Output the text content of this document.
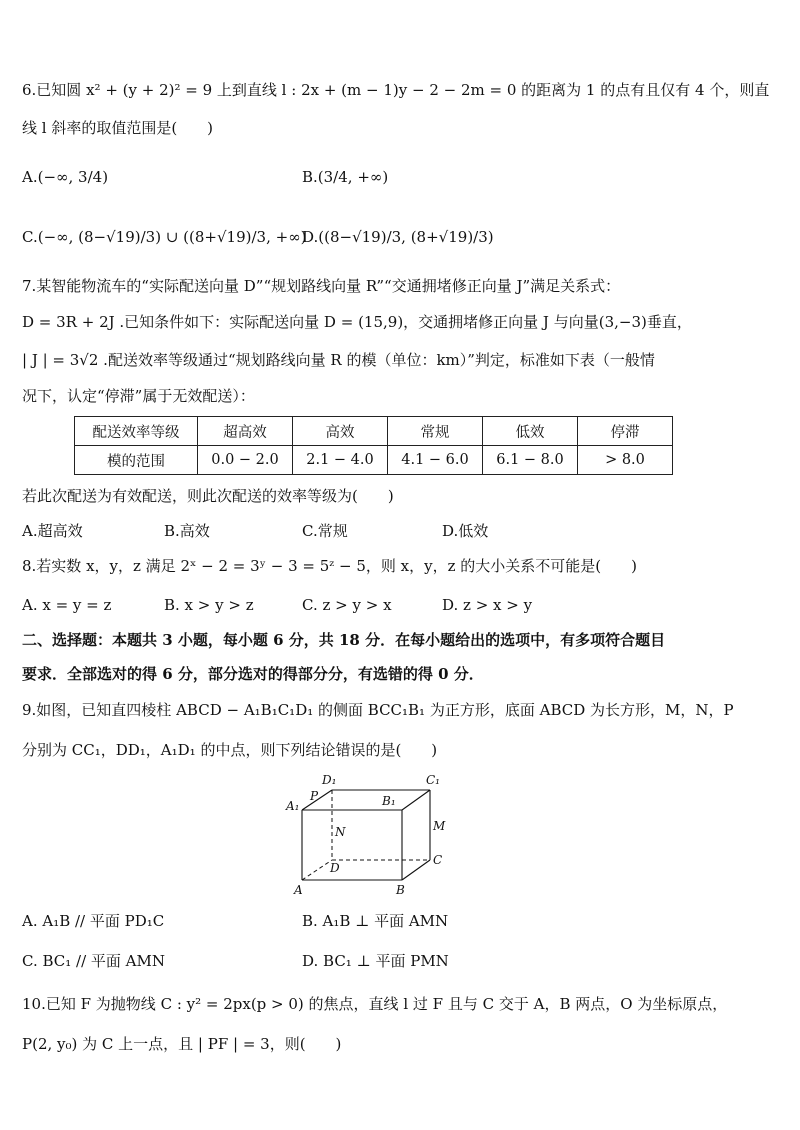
6.已知圆 x² + (y + 2)² = 9 上到直线 l : 2x + (m − 1)y − 2 − 2m = 0 的距离为 1 的点有且仅有 4 个，则直
线 l 斜率的取值范围是(　　)
A.(−∞, 3/4)	B.(3/4, +∞)
C.(−∞, (8−√19)/3) ∪ ((8+√19)/3, +∞)
D.((8−√19)/3, (8+√19)/3)
7.某智能物流车的“实际配送向量 D”“规划路线向量 R”“交通拥堵修正向量 J”满足关系式：
D = 3R + 2J .已知条件如下：实际配送向量 D = (15,9)，交通拥堵修正向量 J 与向量(3,−3)垂直，
| J | = 3√2 .配送效率等级通过“规划路线向量 R 的模（单位：km）”判定，标准如下表（一般情
况下，认定“停滞”属于无效配送）：
配送效率等级	超高效	高效	常规	低效	停滞
模的范围	0.0 − 2.0	2.1 − 4.0	4.1 − 6.0	6.1 − 8.0	> 8.0
若此次配送为有效配送，则此次配送的效率等级为(　　)
A.超高效	B.高效	C.常规	D.低效
8.若实数 x，y，z 满足 2ˣ − 2 = 3ʸ − 3 = 5ᶻ − 5，则 x，y，z 的大小关系不可能是(　　)
A. x = y = z	B. x > y > z	C. z > y > x	D. z > x > y
二、选择题：本题共 3 小题，每小题 6 分，共 18 分．在每小题给出的选项中，有多项符合题目
要求．全部选对的得 6 分，部分选对的得部分分，有选错的得 0 分．
9.如图，已知直四棱柱 ABCD − A₁B₁C₁D₁ 的侧面 BCC₁B₁ 为正方形，底面 ABCD 为长方形，M，N，P
分别为 CC₁，DD₁，A₁D₁ 的中点，则下列结论错误的是(　　)
D₁	C₁
A₁
P	B₁
N	M
D
C
A	B
A. A₁B // 平面 PD₁C	B. A₁B ⊥ 平面 AMN
C. BC₁ // 平面 AMN	D. BC₁ ⊥ 平面 PMN
10.已知 F 为抛物线 C : y² = 2px(p > 0) 的焦点，直线 l 过 F 且与 C 交于 A，B 两点，O 为坐标原点，
P(2, y₀) 为 C 上一点，且 | PF | = 3，则(　　)
